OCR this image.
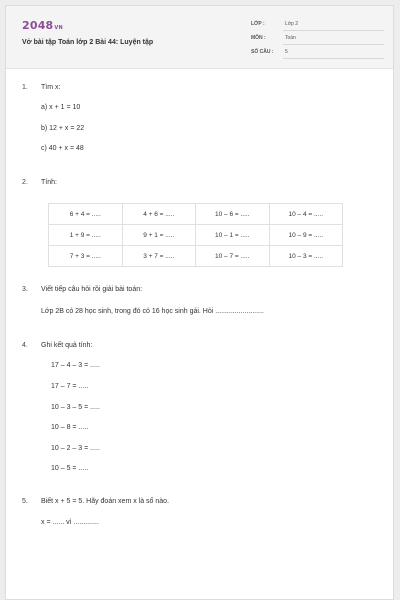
2048VN
Vở bài tập Toán lớp 2 Bài 44: Luyện tập
LỚP :	Lớp 2
MÔN :	Toán
SỐ CÂU : 5
1. Tìm x:
a) x + 1 = 10
b) 12 + x = 22
c) 40 + x = 48
2. Tính:
6 + 4 = .....	4 + 6 = .....	10 – 6 = .....	10 – 4 = .....
1 + 9 = .....	9 + 1 = .....	10 – 1 = .....	10 – 9 = .....
7 + 3 = .....	3 + 7 = .....	10 – 7 = .....	10 – 3 = .....
3. Viết tiếp câu hỏi rồi giải bài toán:
Lớp 2B có 28 học sinh, trong đó có 16 học sinh gái. Hỏi .........................
4. Ghi kết quả tính:
17 – 4 – 3 = .....
17 – 7 = .....
10 – 3 – 5 = .....
10 – 8 = .....
10 – 2 – 3 = .....
10 – 5 = .....
5. Biết x + 5 = 5. Hãy đoán xem x là số nào.
x = ...... vì .............
